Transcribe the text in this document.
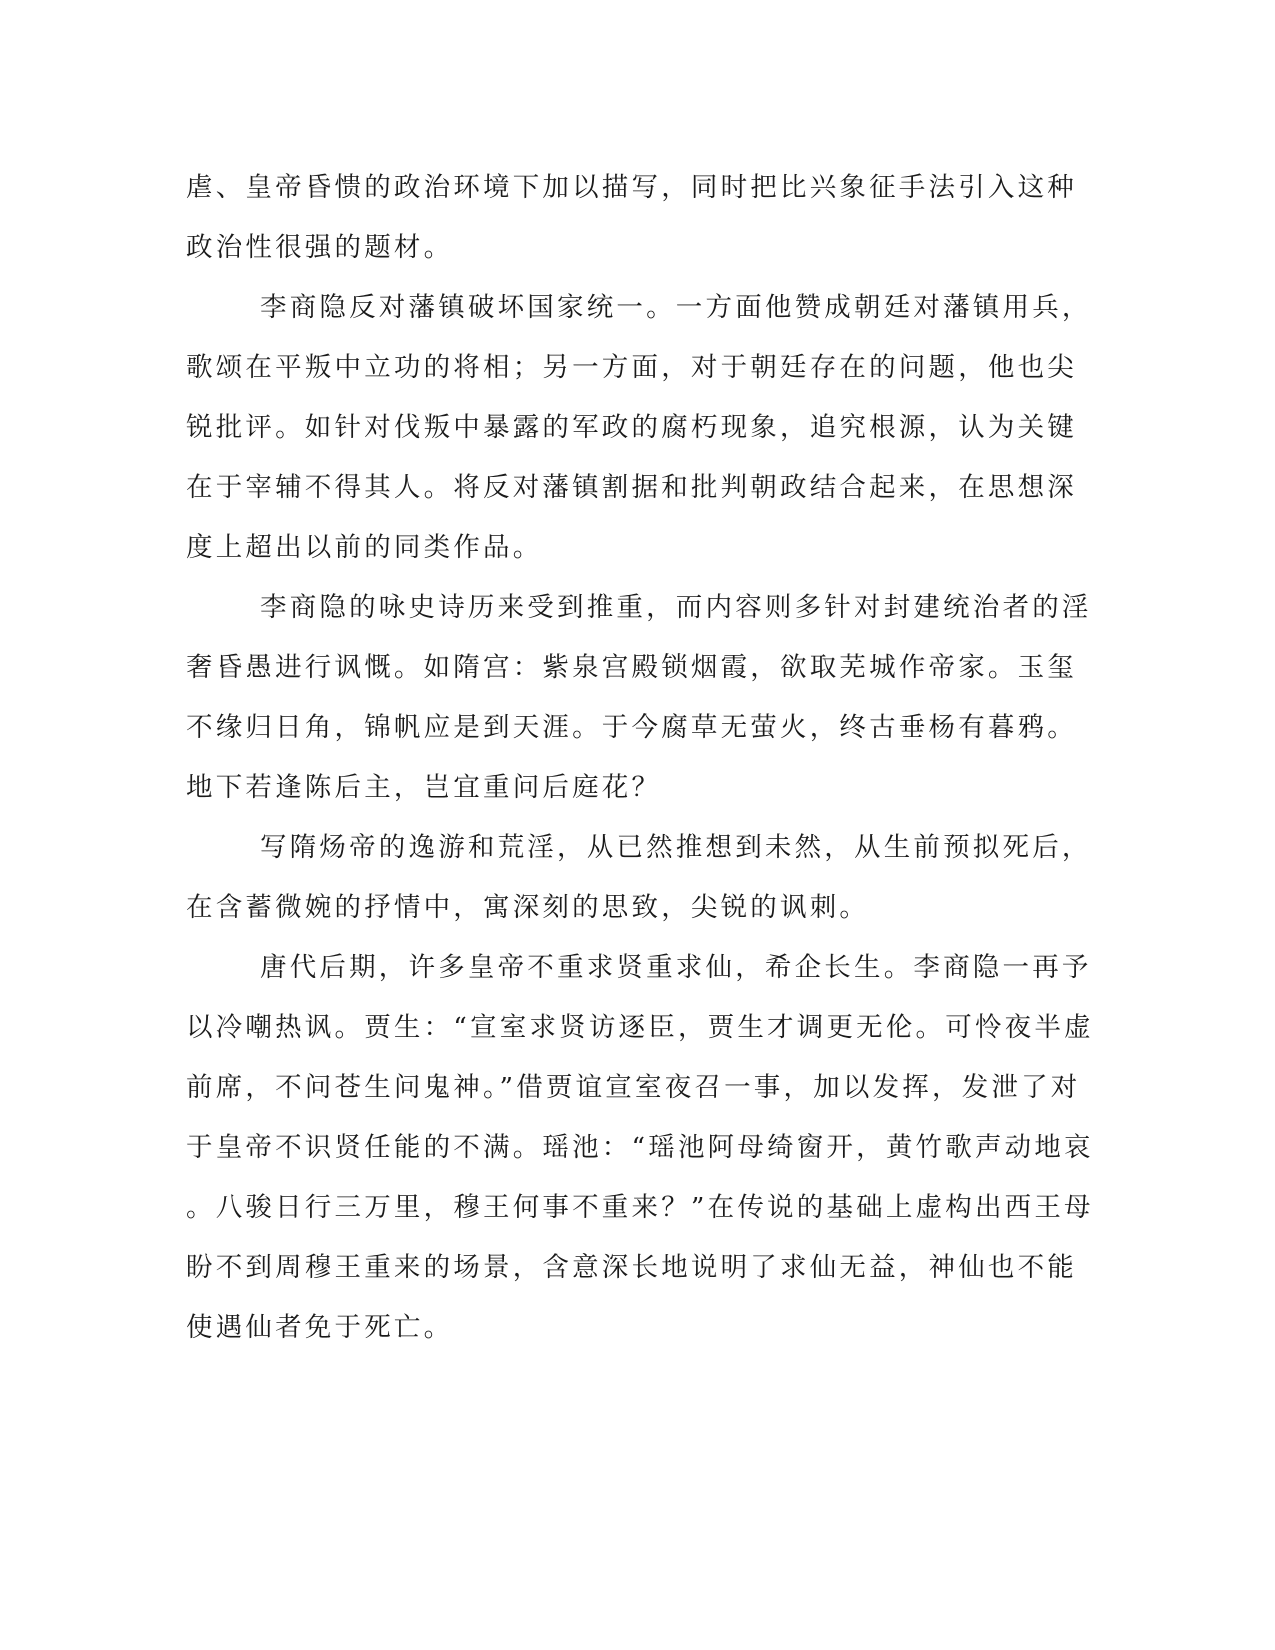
虐、皇帝昏愦的政治环境下加以描写，同时把比兴象征手法引入这种
政治性很强的题材。
李商隐反对藩镇破坏国家统一。一方面他赞成朝廷对藩镇用兵，
歌颂在平叛中立功的将相；另一方面，对于朝廷存在的问题，他也尖
锐批评。如针对伐叛中暴露的军政的腐朽现象，追究根源，认为关键
在于宰辅不得其人。将反对藩镇割据和批判朝政结合起来，在思想深
度上超出以前的同类作品。
李商隐的咏史诗历来受到推重，而内容则多针对封建统治者的淫
奢昏愚进行讽慨。如隋宫：紫泉宫殿锁烟霞，欲取芜城作帝家。玉玺
不缘归日角，锦帆应是到天涯。于今腐草无萤火，终古垂杨有暮鸦。
地下若逢陈后主，岂宜重问后庭花？
写隋炀帝的逸游和荒淫，从已然推想到未然，从生前预拟死后，
在含蓄微婉的抒情中，寓深刻的思致，尖锐的讽刺。
唐代后期，许多皇帝不重求贤重求仙，希企长生。李商隐一再予
以冷嘲热讽。贾生：“宣室求贤访逐臣，贾生才调更无伦。可怜夜半虚
前席，不问苍生问鬼神。”借贾谊宣室夜召一事，加以发挥，发泄了对
于皇帝不识贤任能的不满。瑶池：“瑶池阿母绮窗开，黄竹歌声动地哀
。八骏日行三万里，穆王何事不重来？”在传说的基础上虚构出西王母
盼不到周穆王重来的场景，含意深长地说明了求仙无益，神仙也不能
使遇仙者免于死亡。
